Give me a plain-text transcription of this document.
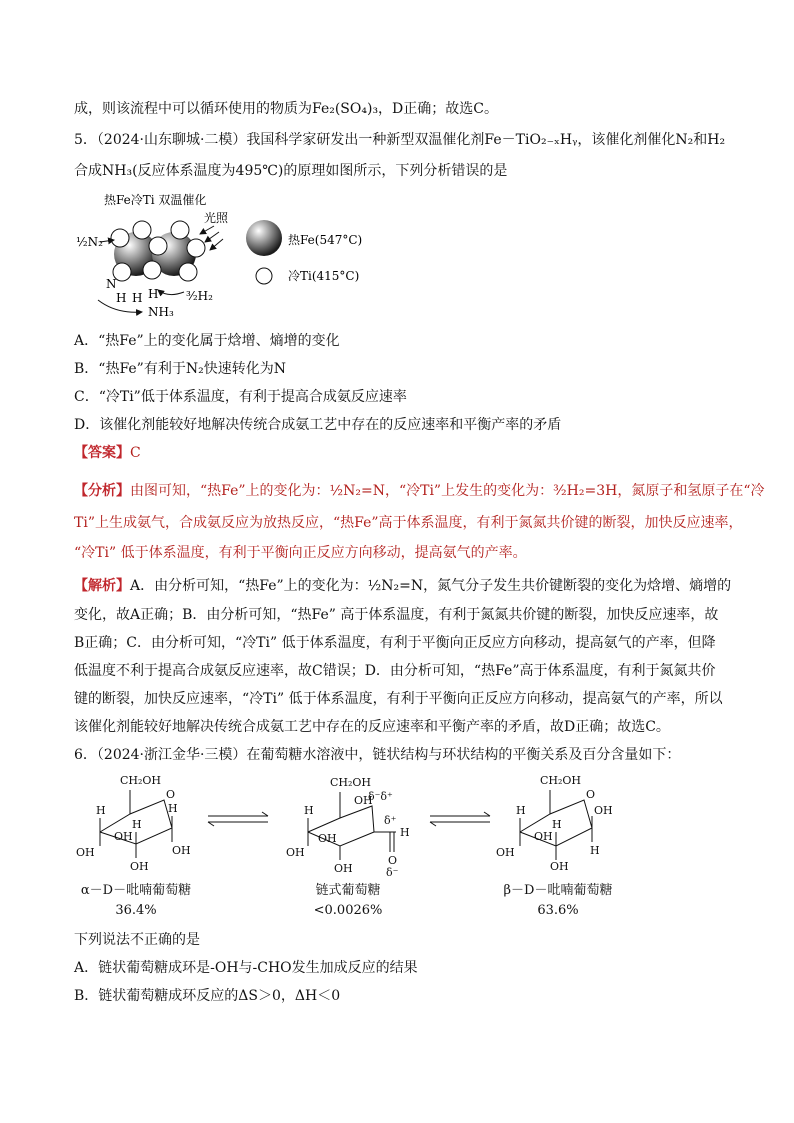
成，则该流程中可以循环使用的物质为Fe₂(SO₄)₃，D正确；故选C。
5．（2024·山东聊城·二模）我国科学家研发出一种新型双温催化剂Fe－TiO₂₋ₓHᵧ，该催化剂催化N₂和H₂
合成NH₃(反应体系温度为495℃)的原理如图所示，下列分析错误的是
热Fe冷Ti 双温催化
光照
½N₂
N
H H H ³⁄₂H₂
NH₃
热Fe(547°C)
冷Ti(415°C)
A．“热Fe”上的变化属于焓增、熵增的变化
B．“热Fe”有利于N₂快速转化为N
C．“冷Ti”低于体系温度，有利于提高合成氨反应速率
D．该催化剂能较好地解决传统合成氨工艺中存在的反应速率和平衡产率的矛盾
【答案】C
【分析】由图可知，“热Fe”上的变化为：½N₂=N，“冷Ti”上发生的变化为：³⁄₂H₂=3H，氮原子和氢原子在“冷
Ti”上生成氨气，合成氨反应为放热反应，“热Fe”高于体系温度，有利于氮氮共价键的断裂，加快反应速率，
“冷Ti” 低于体系温度，有利于平衡向正反应方向移动，提高氨气的产率。
【解析】A．由分析可知，“热Fe”上的变化为：½N₂=N，氮气分子发生共价键断裂的变化为焓增、熵增的
变化，故A正确；B．由分析可知，“热Fe” 高于体系温度，有利于氮氮共价键的断裂，加快反应速率，故
B正确；C．由分析可知，“冷Ti” 低于体系温度，有利于平衡向正反应方向移动，提高氨气的产率，但降
低温度不利于提高合成氨反应速率，故C错误；D．由分析可知，“热Fe”高于体系温度，有利于氮氮共价
键的断裂，加快反应速率，“冷Ti” 低于体系温度，有利于平衡向正反应方向移动，提高氨气的产率，所以
该催化剂能较好地解决传统合成氨工艺中存在的反应速率和平衡产率的矛盾，故D正确；故选C。
6．（2024·浙江金华·三模）在葡萄糖水溶液中，链状结构与环状结构的平衡关系及百分含量如下：
CH₂OH
O
H
OH
OH
H
OH
H
OH
CH₂OH
δ⁻δ⁺
OH
H
OH
OH
OH
δ⁺
H
O
δ⁻
CH₂OH
O
H
OH
OH
H
OH
OH
H
α－D－吡喃葡萄糖
36.4%
链式葡萄糖
<0.0026%
β－D－吡喃葡萄糖
63.6%
下列说法不正确的是
A．链状葡萄糖成环是-OH与-CHO发生加成反应的结果
B．链状葡萄糖成环反应的ΔS＞0，ΔH＜0
